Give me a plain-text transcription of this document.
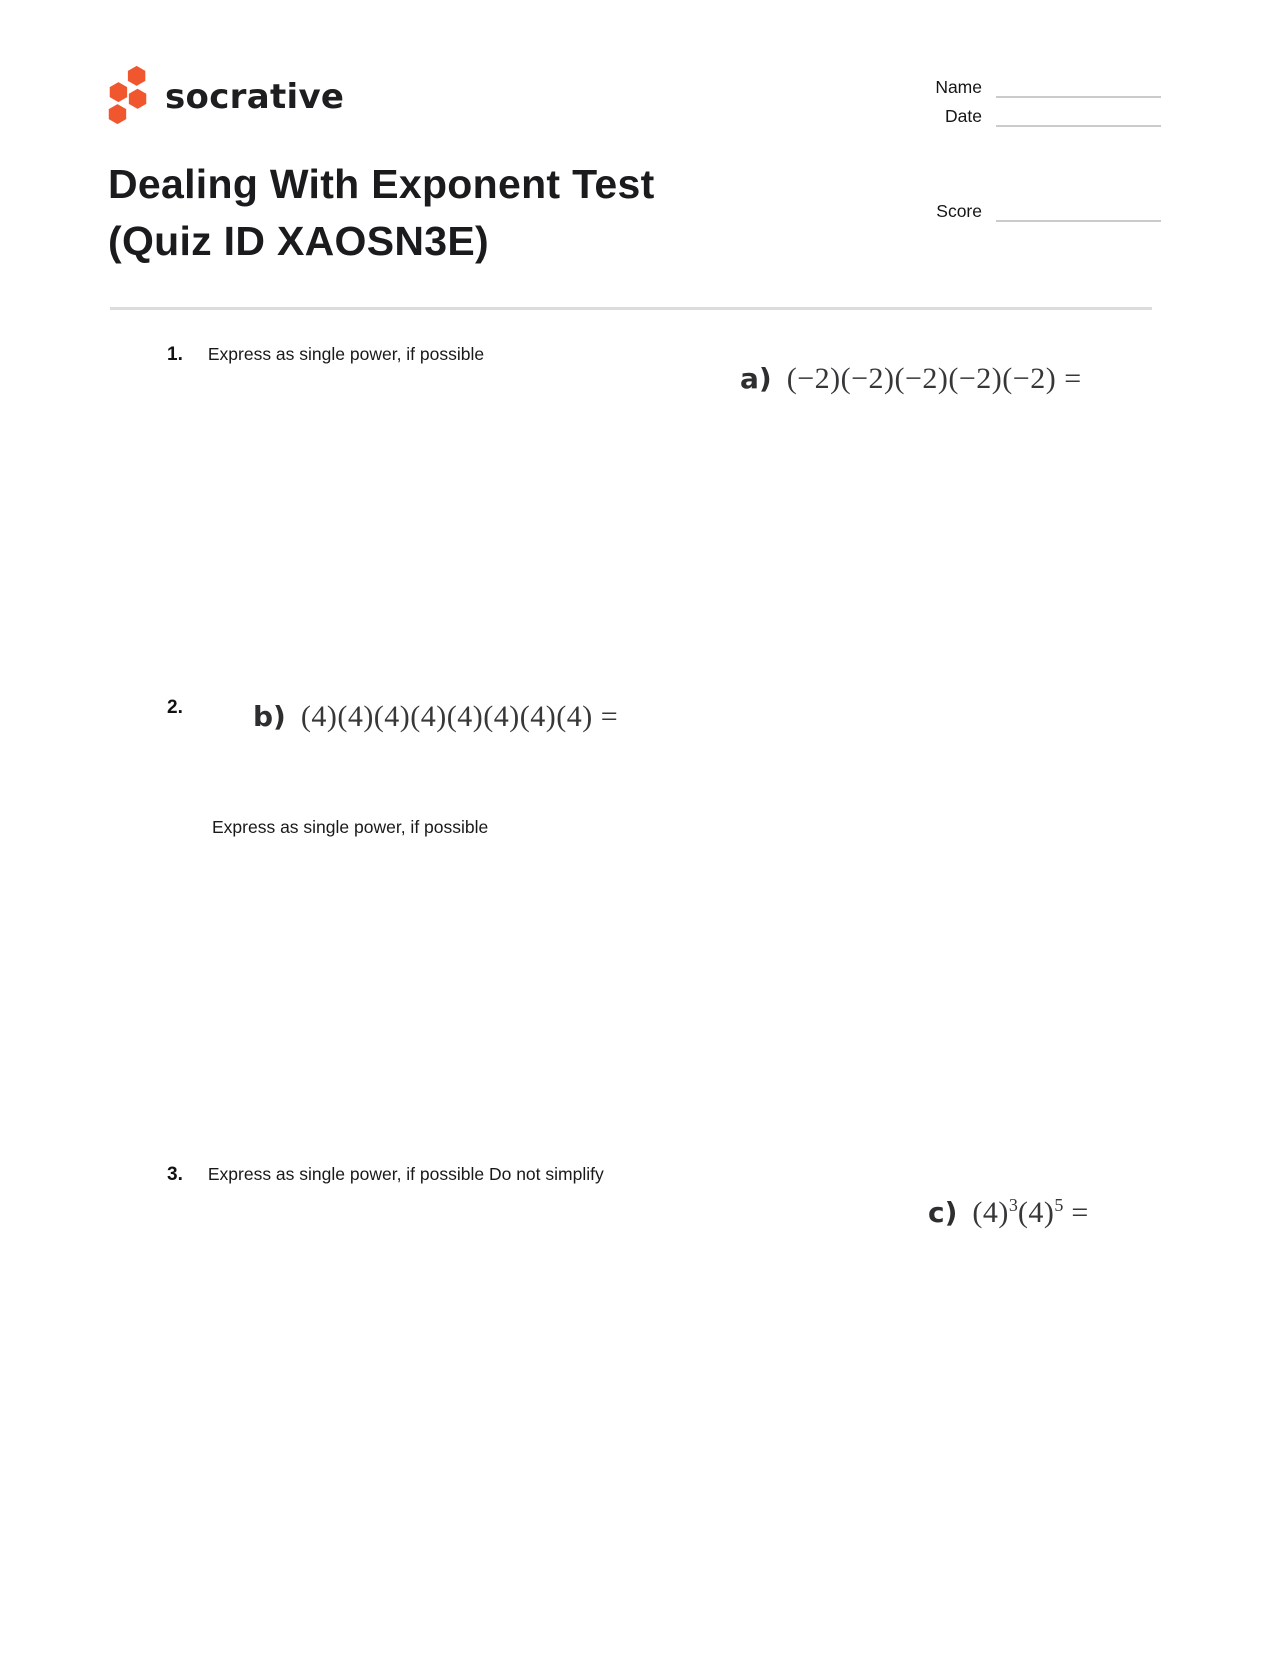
socrative	Name
Date
Score
Dealing With Exponent Test
(Quiz ID XAOSN3E)
1. Express as single power, if possible
a) (−2)(−2)(−2)(−2)(−2) =
2.	b) (4)(4)(4)(4)(4)(4)(4)(4) =
Express as single power, if possible
3. Express as single power, if possible Do not simplify
c) $(4)^3(4)^5$ =
